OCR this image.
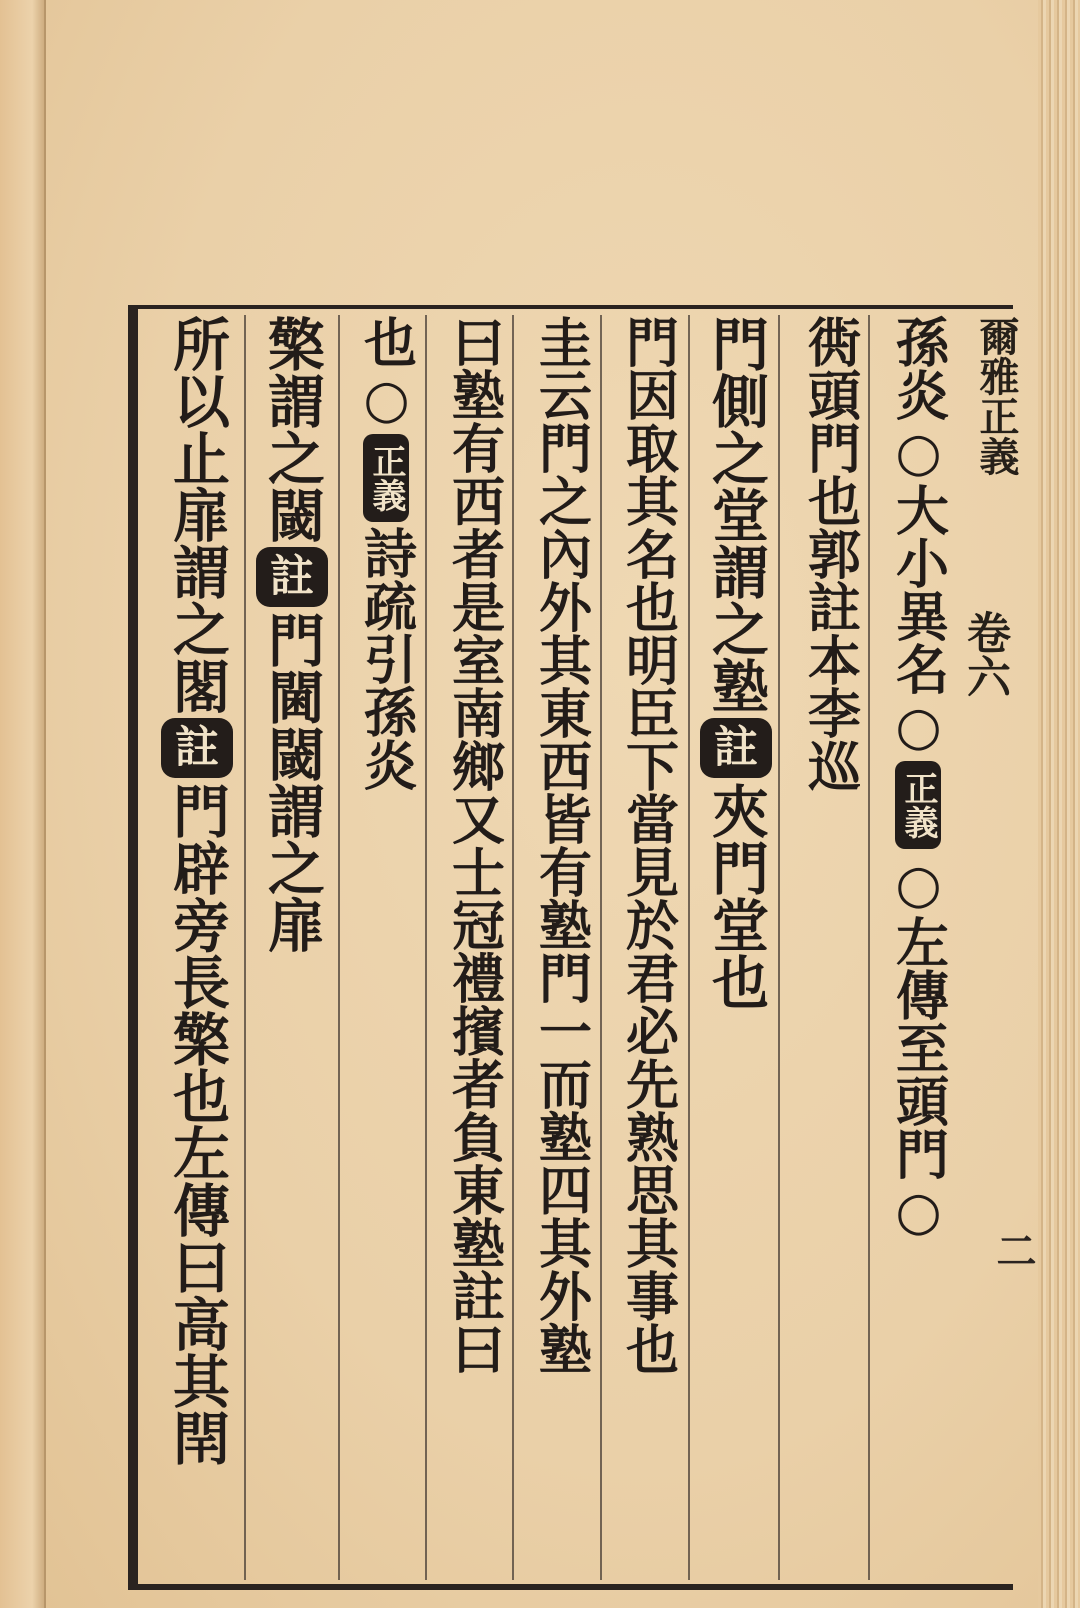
爾雅正義
卷六
二
孫炎○大小異名○
正義
○左傳至頭門○
衖頭門也郭註本李巡
門側之堂謂之塾
註
夾門堂也
門因取其名也明臣下當見於君必先熟思其事也
圭云門之內外其東西皆有塾門一而塾四其外塾
曰塾有西者是室南鄉又士冠禮擯者負東塾註曰
也○
正義
詩疏引孫炎
檠謂之閾
註
門閫閾謂之扉
所以止扉謂之閣
註
門辟旁長檠也左傳曰高其閈
